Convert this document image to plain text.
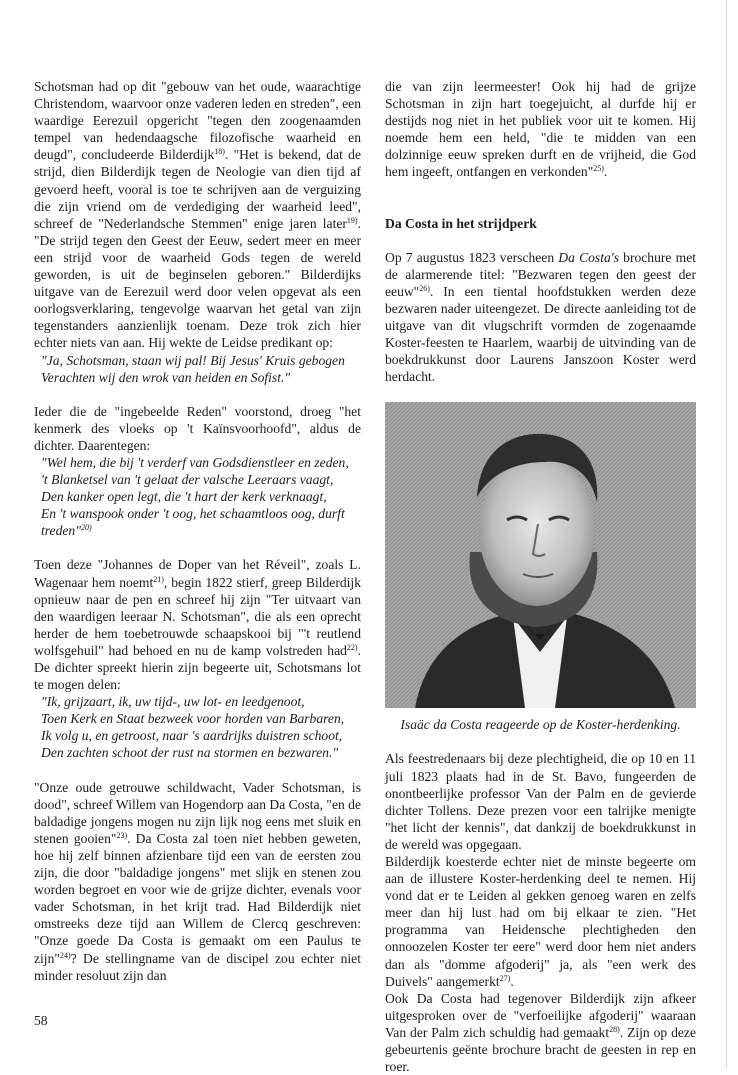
Schotsman had op dit "gebouw van het oude, waarachtige Christendom, waarvoor onze vaderen leden en streden", een waardige Eerezuil opgericht "tegen den zoogenaamden tempel van hedendaagsche filozofische waarheid en deugd", concludeerde Bilderdijk$^{18)}$. "Het is bekend, dat de strijd, dien Bilderdijk tegen de Neologie van dien tijd af gevoerd heeft, vooral is toe te schrijven aan de verguizing die zijn vriend om de verdediging der waarheid leed", schreef de "Nederlandsche Stemmen" enige jaren later$^{19)}$. "De strijd tegen den Geest der Eeuw, sedert meer en meer een strijd voor de waarheid Gods tegen de wereld geworden, is uit de beginselen geboren." Bilderdijks uitgave van de Eerezuil werd door velen opgevat als een oorlogsverklaring, tengevolge waarvan het getal van zijn tegenstanders aanzienlijk toenam. Deze trok zich hier echter niets van aan. Hij wekte de Leidse predikant op:

"Ja, Schotsman, staan wij pal! Bij Jesus' Kruis gebogen
Verachten wij den wrok van heiden en Sofist."

Ieder die de "ingebeelde Reden" voorstond, droeg "het kenmerk des vloeks op 't Kaïnsvoorhoofd", aldus de dichter. Daarentegen:

"Wel hem, die bij 't verderf van Godsdienstleer en zeden,
't Blanketsel van 't gelaat der valsche Leeraars vaagt,
Den kanker open legt, die 't hart der kerk verknaagt,
En 't wanspook onder 't oog, het schaamtloos oog, durft treden"$^{20)}$

Toen deze "Johannes de Doper van het Réveil", zoals L. Wagenaar hem noemt$^{21)}$, begin 1822 stierf, greep Bilderdijk opnieuw naar de pen en schreef hij zijn "Ter uitvaart van den waardigen leeraar N. Schotsman", die als een oprecht herder de hem toebetrouwde schaapskooi bij "'t reutlend wolfsgehuil" had behoed en nu de kamp volstreden had$^{22)}$. De dichter spreekt hierin zijn begeerte uit, Schotsmans lot te mogen delen:

"Ik, grijzaart, ik, uw tijd-, uw lot- en leedgenoot,
Toen Kerk en Staat bezweek voor horden van Barbaren,
Ik volg u, en getroost, naar 's aardrijks duistren schoot,
Den zachten schoot der rust na stormen en bezwaren."

"Onze oude getrouwe schildwacht, Vader Schotsman, is dood", schreef Willem van Hogendorp aan Da Costa, "en de baldadige jongens mogen nu zijn lijk nog eens met sluik en stenen gooien"$^{23)}$. Da Costa zal toen niet hebben geweten, hoe hij zelf binnen afzienbare tijd een van de eersten zou zijn, die door "baldadige jongens" met slijk en stenen zou worden begroet en voor wie de grijze dichter, evenals voor vader Schotsman, in het krijt trad. Had Bilderdijk niet omstreeks deze tijd aan Willem de Clercq geschreven: "Onze goede Da Costa is gemaakt om een Paulus te zijn"$^{24)}$? De stellingname van de discipel zou echter niet minder resoluut zijn dan

die van zijn leermeester! Ook hij had de grijze Schotsman in zijn hart toegejuicht, al durfde hij er destijds nog niet in het publiek voor uit te komen. Hij noemde hem een held, "die te midden van een dolzinnige eeuw spreken durft en de vrijheid, die God hem ingeeft, ontfangen en verkonden"$^{25)}$.

Da Costa in het strijdperk

Op 7 augustus 1823 verscheen Da Costa's brochure met de alarmerende titel: "Bezwaren tegen den geest der eeuw"$^{26)}$. In een tiental hoofdstukken werden deze bezwaren nader uiteengezet. De directe aanleiding tot de uitgave van dit vlugschrift vormden de zogenaamde Koster-feesten te Haarlem, waarbij de uitvinding van de boekdrukkunst door Laurens Janszoon Koster werd herdacht.

Isaäc da Costa reageerde op de Koster-herdenking.

Als feestredenaars bij deze plechtigheid, die op 10 en 11 juli 1823 plaats had in de St. Bavo, fungeerden de onontbeerlijke professor Van der Palm en de gevierde dichter Tollens. Deze prezen voor een talrijke menigte "het licht der kennis", dat dankzij de boekdrukkunst in de wereld was opgegaan.

Bilderdijk koesterde echter niet de minste begeerte om aan de illustere Koster-herdenking deel te nemen. Hij vond dat er te Leiden al gekken genoeg waren en zelfs meer dan hij lust had om bij elkaar te zien. "Het programma van Heidensche plechtigheden den onnoozelen Koster ter eere" werd door hem niet anders dan als "domme afgoderij" ja, als "een werk des Duivels" aangemerkt$^{27)}$.

Ook Da Costa had tegenover Bilderdijk zijn afkeer uitgesproken over de "verfoeilijke afgoderij" waaraan Van der Palm zich schuldig had gemaakt$^{28)}$. Zijn op deze gebeurtenis geënte brochure bracht de geesten in rep en roer.

58
